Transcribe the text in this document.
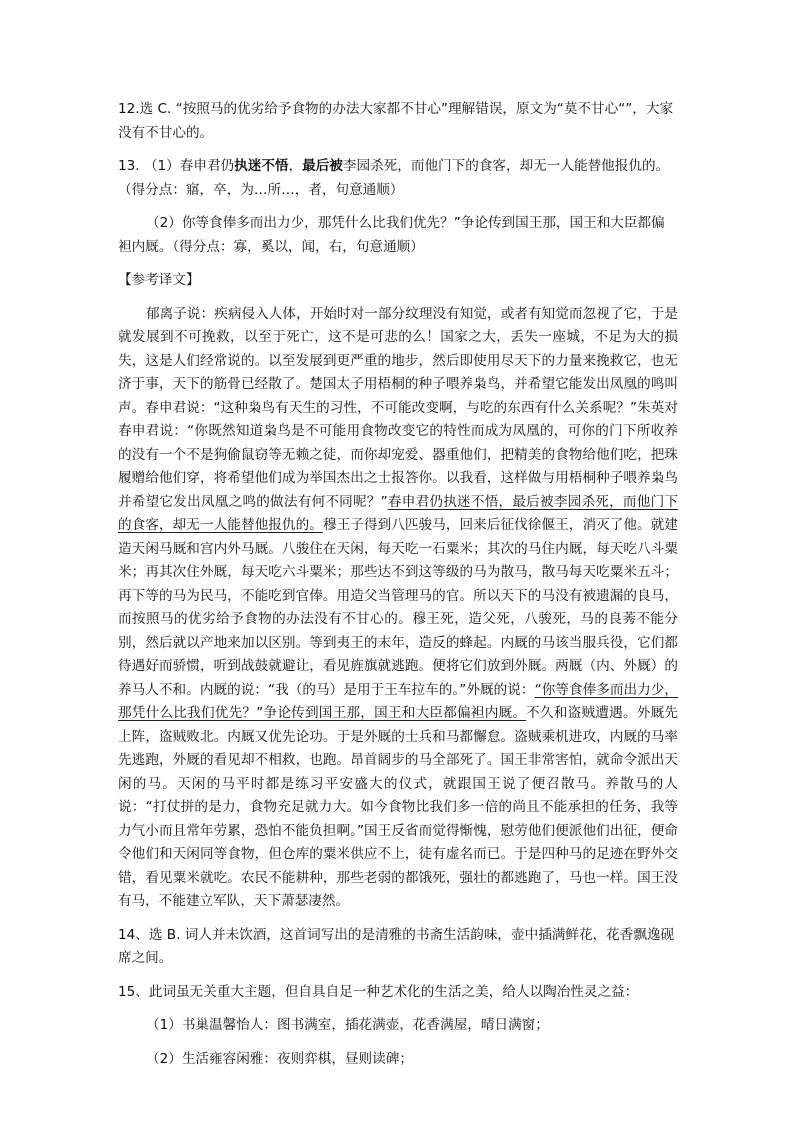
12.选 C. “按照马的优劣给予食物的办法大家都不甘心”理解错误，原文为“莫不甘心“”，大家没有不甘心的。

13. （1）春申君仍执迷不悟，最后被李园杀死，而他门下的食客，却无一人能替他报仇的。（得分点：寤，卒，为…所…，者，句意通顺）

（2）你等食俸多而出力少，那凭什么比我们优先？”争论传到国王那，国王和大臣都偏袒内厩。（得分点：寡，奚以，闻，右，句意通顺）

【参考译文】

郁离子说：疾病侵入人体，开始时对一部分纹理没有知觉，或者有知觉而忽视了它，于是就发展到不可挽救，以至于死亡，这不是可悲的么！国家之大，丢失一座城，不足为大的损失，这是人们经常说的。以至发展到更严重的地步，然后即使用尽天下的力量来挽救它，也无济于事，天下的筋骨已经散了。楚国太子用梧桐的种子喂养枭鸟，并希望它能发出凤凰的鸣叫声。春申君说：“这种枭鸟有天生的习性，不可能改变啊，与吃的东西有什么关系呢？”朱英对春申君说：“你既然知道枭鸟是不可能用食物改变它的特性而成为凤凰的，可你的门下所收养的没有一个不是狗偷鼠窃等无赖之徒，而你却宠爱、器重他们，把精美的食物给他们吃，把珠履赠给他们穿，将希望他们成为举国杰出之士报答你。以我看，这样做与用梧桐种子喂养枭鸟并希望它发出凤凰之鸣的做法有何不同呢？”春申君仍执迷不悟，最后被李园杀死，而他门下的食客，却无一人能替他报仇的。穆王子得到八匹骏马，回来后征伐徐偃王，消灭了他。就建造天闲马厩和宫内外马厩。八骏住在天闲，每天吃一石粟米；其次的马住内厩，每天吃八斗粟米；再其次住外厩，每天吃六斗粟米；那些达不到这等级的马为散马，散马每天吃粟米五斗；再下等的马为民马，不能吃到官俸。用造父当管理马的官。所以天下的马没有被遗漏的良马，而按照马的优劣给予食物的办法没有不甘心的。穆王死，造父死，八骏死，马的良莠不能分别，然后就以产地来加以区别。等到夷王的末年，造反的蜂起。内厩的马该当服兵役，它们都待遇好而骄惯，听到战鼓就避让，看见旌旗就逃跑。便将它们放到外厩。两厩（内、外厩）的养马人不和。内厩的说：“我（的马）是用于王车拉车的。”外厩的说：“你等食俸多而出力少，那凭什么比我们优先？”争论传到国王那，国王和大臣都偏袒内厩。不久和盗贼遭遇。外厩先上阵，盗贼败北。内厩又优先论功。于是外厩的士兵和马都懈怠。盗贼乘机进攻，内厩的马率先逃跑，外厩的看见却不相救，也跑。昂首阔步的马全部死了。国王非常害怕，就命令派出天闲的马。天闲的马平时都是练习平安盛大的仪式，就跟国王说了便召散马。养散马的人说：“打仗拼的是力，食物充足就力大。如今食物比我们多一倍的尚且不能承担的任务，我等力气小而且常年劳累，恐怕不能负担啊。”国王反省而觉得惭愧，慰劳他们便派他们出征，便命令他们和天闲同等食物，但仓库的粟米供应不上，徒有虚名而已。于是四种马的足迹在野外交错，看见粟米就吃。农民不能耕种，那些老弱的都饿死，强壮的都逃跑了，马也一样。国王没有马，不能建立军队，天下萧瑟凄然。

14、选 B. 词人并未饮酒，这首词写出的是清雅的书斋生活韵味，壶中插满鲜花，花香飘逸砚席之间。

15、此词虽无关重大主题，但自具自足一种艺术化的生活之美，给人以陶冶性灵之益：

（1）书巢温馨怡人：图书满室，插花满壶，花香满屋，晴日满窗；

（2）生活雍容闲雅：夜则弈棋，昼则读碑；
